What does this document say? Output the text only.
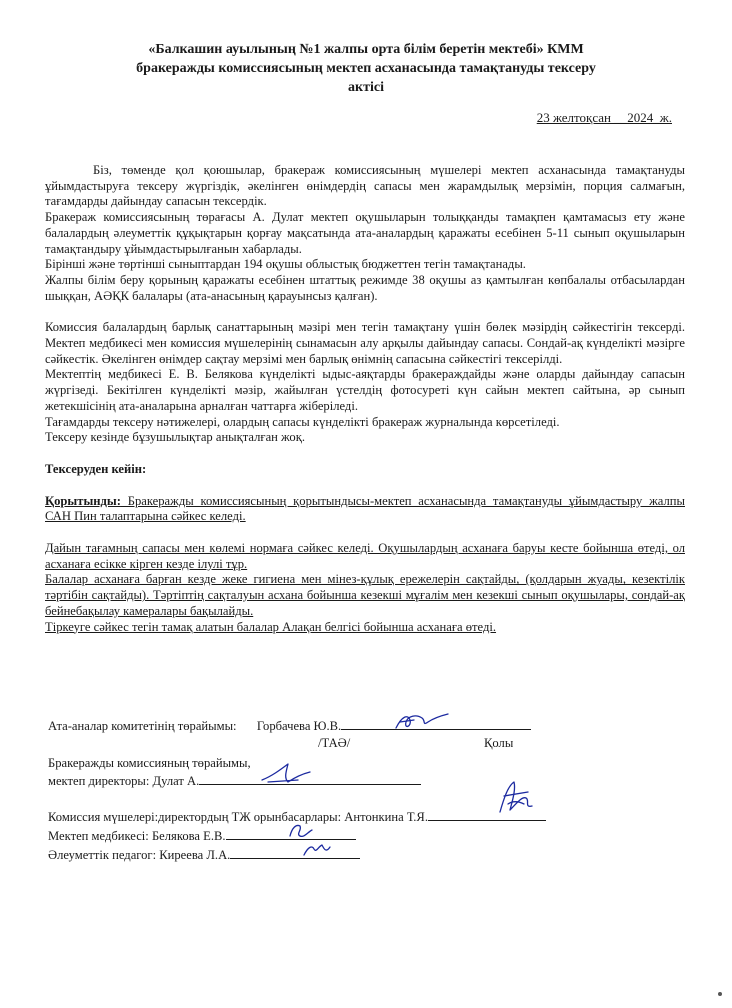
«Балкашин ауылының №1 жалпы орта білім беретін мектебі» КММ
бракеражды комиссиясының мектеп асханасында тамақтануды тексеру
актісі
23 желтоқсан __2024_ж.

Біз, төменде қол қоюшылар, бракераж комиссиясының мүшелері мектеп асханасында тамақтануды ұйымдастыруға тексеру жүргіздік, әкелінген өнімдердің сапасы мен жарамдылық мерзімін, порция салмағын, тағамдарды дайындау сапасын тексердік.

Бракераж комиссиясының төрағасы А. Дулат мектеп оқушыларын толыққанды тамақпен қамтамасыз ету және балалардың әлеуметтік құқықтарын қорғау мақсатында ата-аналардың қаражаты есебінен 5-11 сынып оқушыларын тамақтандыру ұйымдастырылғанын хабарлады.

Бірінші және төртінші сыныптардан 194 оқушы облыстық бюджеттен тегін тамақтанады.

Жалпы білім беру қорының қаражаты есебінен штаттық режимде 38 оқушы аз қамтылған көпбалалы отбасылардан шыққан, АӘҚК балалары (ата-анасының қарауынсыз қалған).

Комиссия балалардың барлық санаттарының мәзірі мен тегін тамақтану үшін бөлек мәзірдің сәйкестігін тексерді. Мектеп медбикесі мен комиссия мүшелерінің сынамасын алу арқылы дайындау сапасы. Сондай-ақ күнделікті мәзірге сәйкестік. Әкелінген өнімдер сақтау мерзімі мен барлық өнімнің сапасына сәйкестігі тексерілді.

Мектептің медбикесі Е. В. Белякова күнделікті ыдыс-аяқтарды бракераждайды және оларды дайындау сапасын жүргізеді. Бекітілген күнделікті мәзір, жайылған үстелдің фотосуреті күн сайын мектеп сайтына, әр сынып жетекшісінің ата-аналарына арналған чаттарға жіберіледі.

Тағамдарды тексеру нәтижелері, олардың сапасы күнделікті бракераж журналында көрсетіледі.

Тексеру кезінде бұзушылықтар анықталған жоқ.

Тексеруден кейін:

Қорытынды: Бракеражды комиссиясының қорытындысы-мектеп асханасында тамақтануды ұйымдастыру жалпы САН Пин талаптарына сәйкес келеді.

Дайын тағамның сапасы мен көлемі нормаға сәйкес келеді. Оқушылардың асханаға баруы кесте бойынша өтеді, ол асханаға есікке кірген кезде ілулі тұр.

Балалар асханаға барған кезде жеке гигиена мен мінез-құлық ережелерін сақтайды, (қолдарын жуады, кезектілік тәртібін сақтайды). Тәртіптің сақталуын асхана бойынша кезекші мұғалім мен кезекші сынып оқушылары, сондай-ақ бейнебақылау камералары бақылайды.

Тіркеуге сәйкес тегін тамақ алатын балалар Алақан белгісі бойынша асханаға өтеді.

Ата-аналар комитетінің төрайымы: Горбачева Ю.В.
/ТАӘ/	Қолы
Бракеражды комиссияның төрайымы,
мектеп директоры: Дулат А.
Комиссия мүшелері:директордың ТЖ орынбасарлары: Антонкина Т.Я.
Мектеп медбикесі: Белякова Е.В.
Әлеуметтік педагог: Киреева Л.А.
